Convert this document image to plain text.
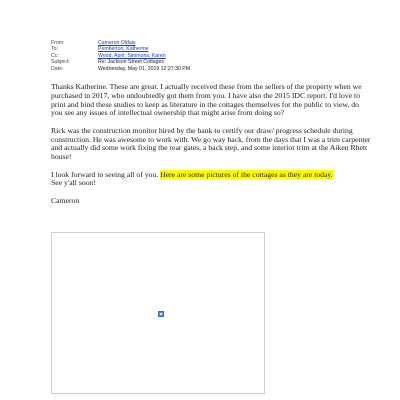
From:	Cameron Oldais
To:	Pemberton, Katherine
Cc:	Wood, April; Simmons, Karen
Subject:	Re: Jackson Street Cottages
Date:	Wednesday, May 01, 2019 12:27:30 PM

Thanks Katherine. These are great. I actually received these from the sellers of the property when we purchased in 2017, who undoubtedly got them from you. I have also the 2015 IDC report. I'd love to print and bind these studies to keep as literature in the cottages themselves for the public to view, do you see any issues of intellectual ownership that might arise from doing so?

Rick was the construction monitor hired by the bank to certify our draw/ progress schedule during construction. He was awesome to work with. We go way back, from the days that I was a trim carpenter and actually did some work fixing the rear gates, a back step, and some interior trim at the Aiken Rhett house!

I look forward to seeing all of you. Here are some pictures of the cottages as they are today.
See y'all soon!

Cameron
